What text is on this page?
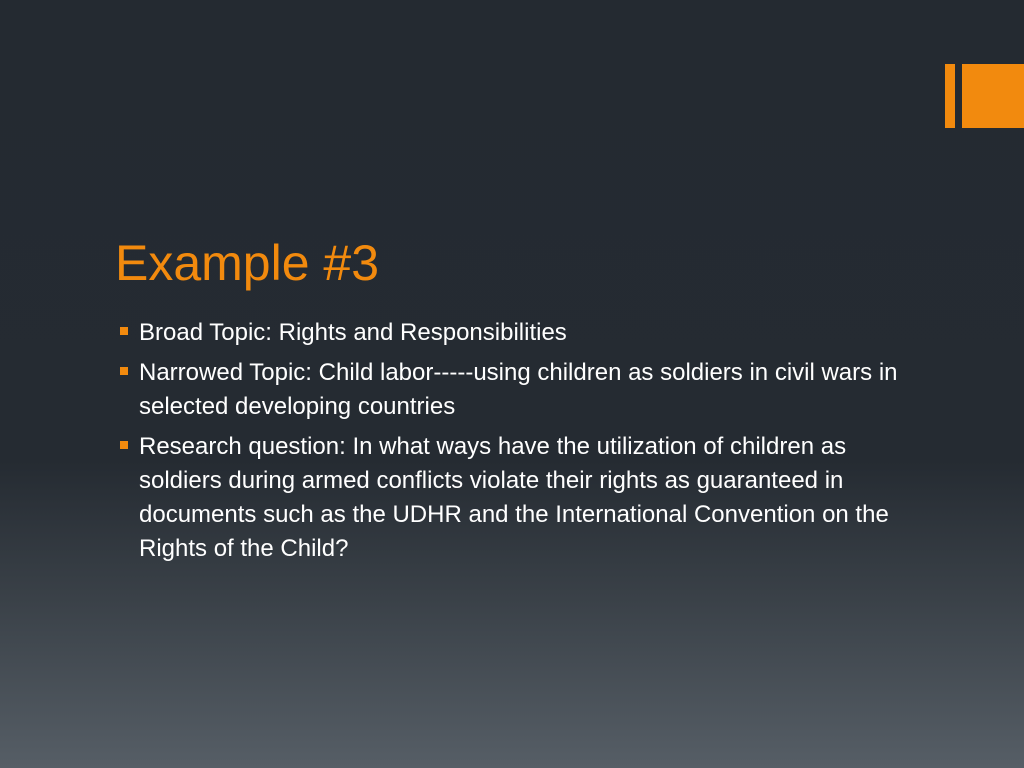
Example #3
Broad Topic: Rights and Responsibilities
Narrowed Topic: Child labor-----using children as soldiers in civil wars in selected developing countries
Research question: In what ways have the utilization of children as soldiers during armed conflicts violate their rights as guaranteed in documents such as the UDHR and the International Convention on the Rights of the Child?
